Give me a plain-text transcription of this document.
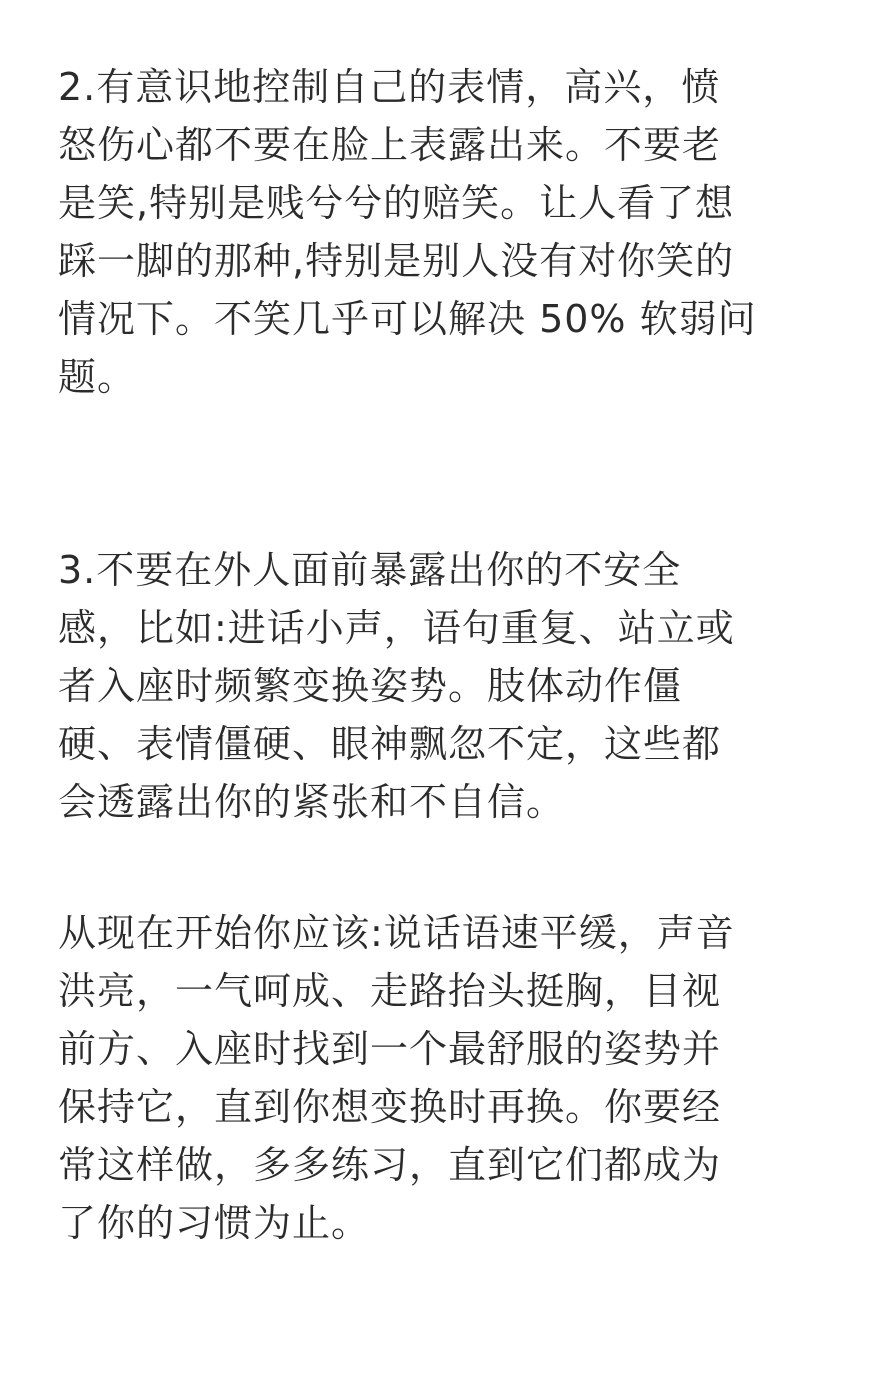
2.有意识地控制自己的表情，高兴，愤
怒伤心都不要在脸上表露出来。不要老
是笑,特别是贱兮兮的赔笑。让人看了想
踩一脚的那种,特别是别人没有对你笑的
情况下。不笑几乎可以解决 50% 软弱问
题。
3.不要在外人面前暴露出你的不安全
感，比如:进话小声，语句重复、站立或
者入座时频繁变换姿势。肢体动作僵
硬、表情僵硬、眼神飘忽不定，这些都
会透露出你的紧张和不自信。
从现在开始你应该:说话语速平缓，声音
洪亮，一气呵成、走路抬头挺胸，目视
前方、入座时找到一个最舒服的姿势并
保持它，直到你想变换时再换。你要经
常这样做，多多练习，直到它们都成为
了你的习惯为止。
